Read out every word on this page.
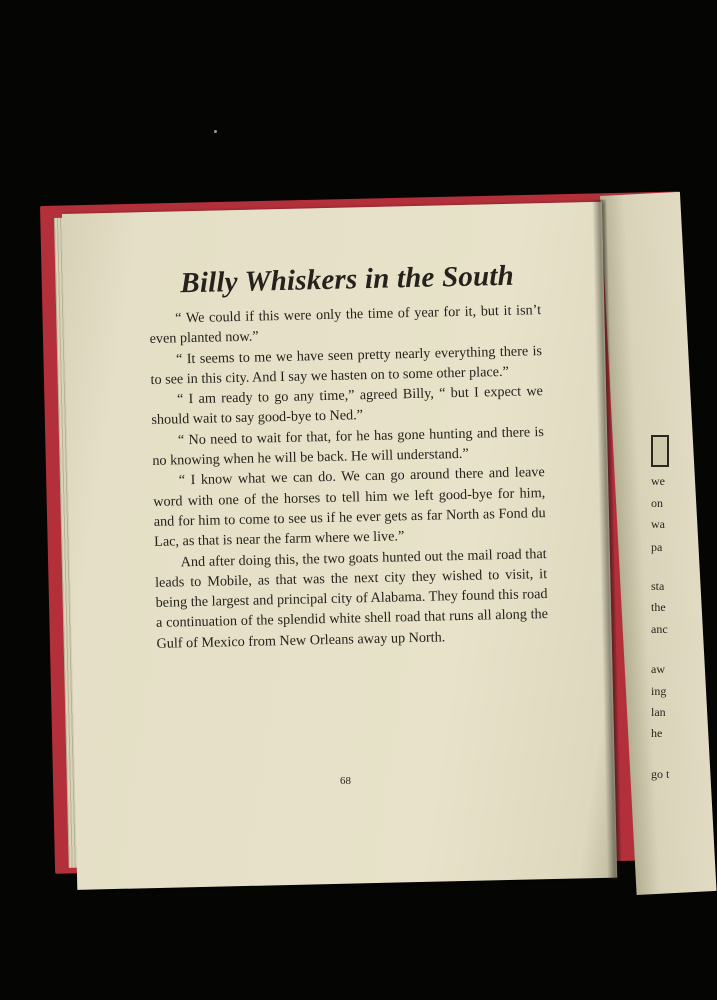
we
on
wa
pa
sta
the
anc
aw
ing
lan
he
go t
Billy Whiskers in the South

“ We could if this were only the time of year for it, but it isn’t even planted now.”

“ It seems to me we have seen pretty nearly everything there is to see in this city. And I say we hasten on to some other place.”

“ I am ready to go any time,” agreed Billy, “ but I expect we should wait to say good-bye to Ned.”

“ No need to wait for that, for he has gone hunting and there is no knowing when he will be back. He will understand.”

“ I know what we can do. We can go around there and leave word with one of the horses to tell him we left good-bye for him, and for him to come to see us if he ever gets as far North as Fond du Lac, as that is near the farm where we live.”

And after doing this, the two goats hunted out the mail road that leads to Mobile, as that was the next city they wished to visit, it being the largest and principal city of Alabama. They found this road a continuation of the splendid white shell road that runs all along the Gulf of Mexico from New Orleans away up North.

68
